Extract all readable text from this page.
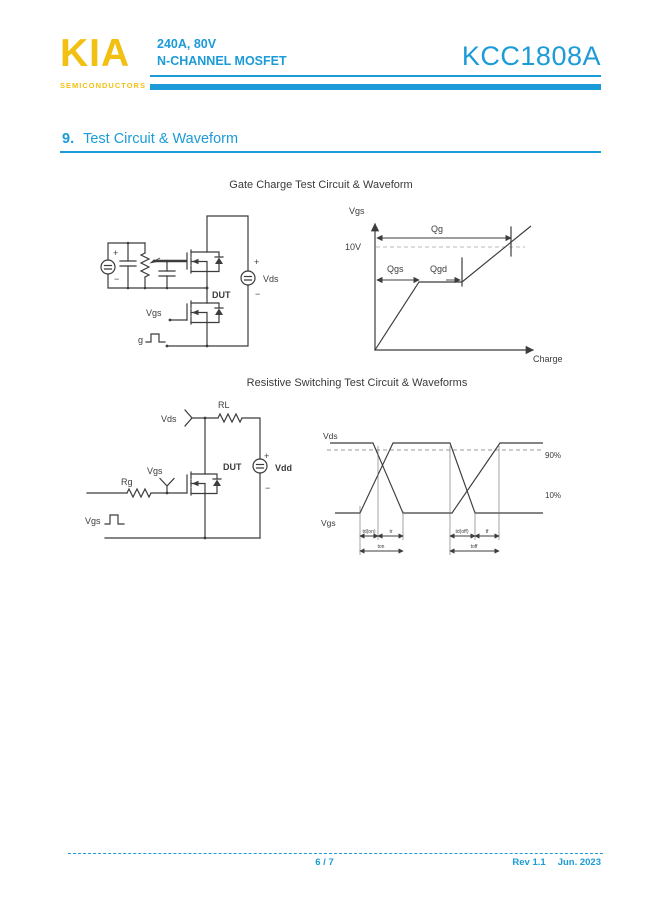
KIA
SEMICONDUCTORS
240A, 80V
N-CHANNEL MOSFET	KCC1808A
9. Test Circuit & Waveform
Gate Charge Test Circuit & Waveform
+
−
DUT
Vgs
g
+
−
Vds
Vgs
Charge
10V
Qg
Qgs	Qgd
Resistive Switching Test Circuit & Waveforms
Vds
RL
+
Vdd
−
DUT
Rg
Vgs
Vgs
Vds
Vgs
90%
10%
td(on)	tr	td(off)	tf
ton	toff
6 / 7	Rev 1.1 Jun. 2023
